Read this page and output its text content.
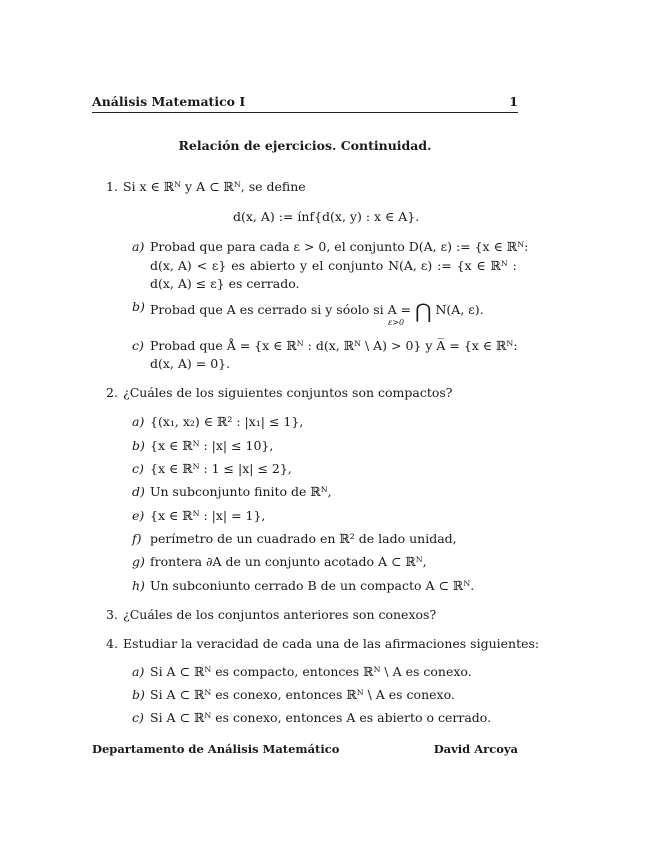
Análisis Matematico I	1
Relación de ejercicios. Continuidad.
1. Si x ∈ ℝᴺ y A ⊂ ℝᴺ, se define
d(x, A) := ínf{d(x, y) : x ∈ A}.
a) Probad que para cada ε > 0, el conjunto D(A, ε) := {x ∈ ℝᴺ :
d(x, A) < ε} es abierto y el conjunto N(A, ε) := {x ∈ ℝᴺ :
d(x, A) ≤ ε} es cerrado.
b) Probad que A es cerrado si y sóolo si A = ⋂ N(A, ε).
ε>0
c) Probad que Å = {x ∈ ℝᴺ : d(x, ℝᴺ \ A) > 0} y A̅ = {x ∈ ℝᴺ :
d(x, A) = 0}.
2. ¿Cuáles de los siguientes conjuntos son compactos?
a) {(x₁, x₂) ∈ ℝ² : |x₁| ≤ 1},
b) {x ∈ ℝᴺ : |x| ≤ 10},
c) {x ∈ ℝᴺ : 1 ≤ |x| ≤ 2},
d) Un subconjunto finito de ℝᴺ,
e) {x ∈ ℝᴺ : |x| = 1},
f) perímetro de un cuadrado en ℝ² de lado unidad,
g) frontera ∂A de un conjunto acotado A ⊂ ℝᴺ,
h) Un subconiunto cerrado B de un compacto A ⊂ ℝᴺ.
3. ¿Cuáles de los conjuntos anteriores son conexos?
4. Estudiar la veracidad de cada una de las afirmaciones siguientes:
a) Si A ⊂ ℝᴺ es compacto, entonces ℝᴺ \ A es conexo.
b) Si A ⊂ ℝᴺ es conexo, entonces ℝᴺ \ A es conexo.
c) Si A ⊂ ℝᴺ es conexo, entonces A es abierto o cerrado.
Departamento de Análisis Matemático	David Arcoya
